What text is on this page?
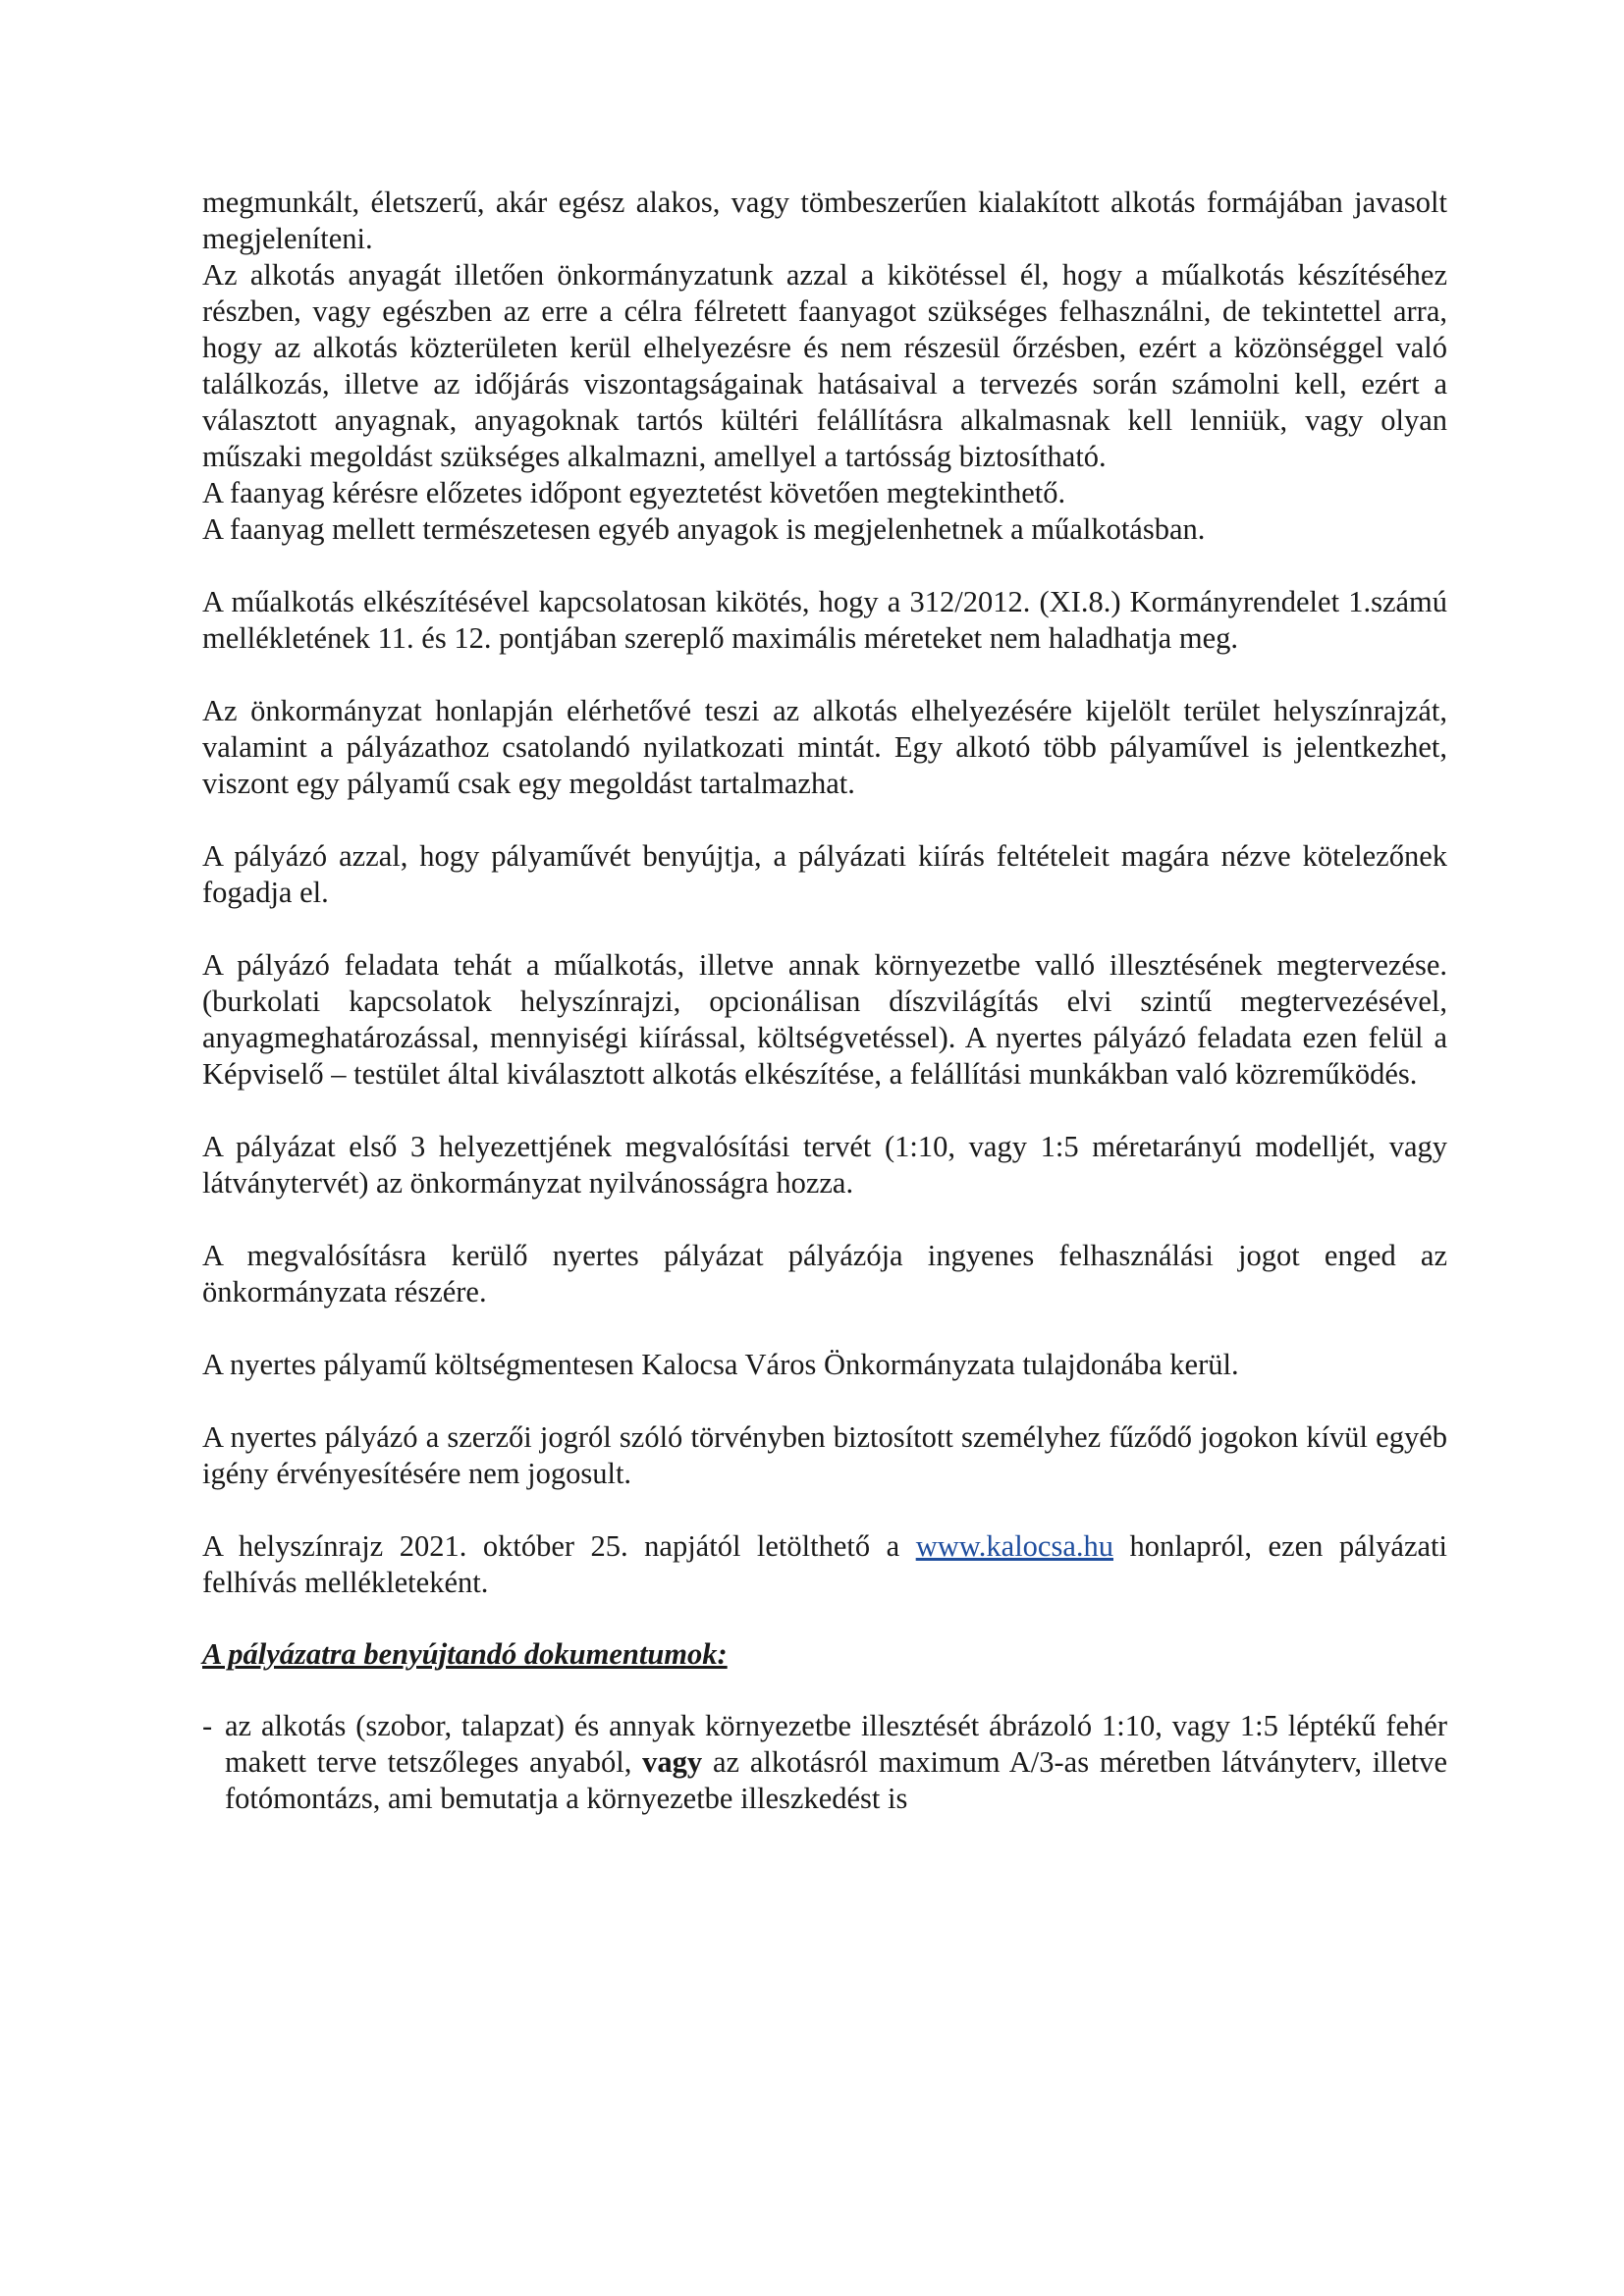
megmunkált, életszerű, akár egész alakos, vagy tömbeszerűen kialakított alkotás formájában javasolt megjeleníteni.

Az alkotás anyagát illetően önkormányzatunk azzal a kikötéssel él, hogy a műalkotás készítéséhez részben, vagy egészben az erre a célra félretett faanyagot szükséges felhasználni, de tekintettel arra, hogy az alkotás közterületen kerül elhelyezésre és nem részesül őrzésben, ezért a közönséggel való találkozás, illetve az időjárás viszontagságainak hatásaival a tervezés során számolni kell, ezért a választott anyagnak, anyagoknak tartós kültéri felállításra alkalmasnak kell lenniük, vagy olyan műszaki megoldást szükséges alkalmazni, amellyel a tartósság biztosítható.

A faanyag kérésre előzetes időpont egyeztetést követően megtekinthető.

A faanyag mellett természetesen egyéb anyagok is megjelenhetnek a műalkotásban.

A műalkotás elkészítésével kapcsolatosan kikötés, hogy a 312/2012. (XI.8.) Kormányrendelet 1.számú mellékletének 11. és 12. pontjában szereplő maximális méreteket nem haladhatja meg.

Az önkormányzat honlapján elérhetővé teszi az alkotás elhelyezésére kijelölt terület helyszínrajzát, valamint a pályázathoz csatolandó nyilatkozati mintát. Egy alkotó több pályaművel is jelentkezhet, viszont egy pályamű csak egy megoldást tartalmazhat.

A pályázó azzal, hogy pályaművét benyújtja, a pályázati kiírás feltételeit magára nézve kötelezőnek fogadja el.

A pályázó feladata tehát a műalkotás, illetve annak környezetbe valló illesztésének megtervezése. (burkolati kapcsolatok helyszínrajzi, opcionálisan díszvilágítás elvi szintű megtervezésével, anyagmeghatározással, mennyiségi kiírással, költségvetéssel). A nyertes pályázó feladata ezen felül a Képviselő – testület által kiválasztott alkotás elkészítése, a felállítási munkákban való közreműködés.

A pályázat első 3 helyezettjének megvalósítási tervét (1:10, vagy 1:5 méretarányú modelljét, vagy látványtervét) az önkormányzat nyilvánosságra hozza.

A megvalósításra kerülő nyertes pályázat pályázója ingyenes felhasználási jogot enged az önkormányzata részére.

A nyertes pályamű költségmentesen Kalocsa Város Önkormányzata tulajdonába kerül.

A nyertes pályázó a szerzői jogról szóló törvényben biztosított személyhez fűződő jogokon kívül egyéb igény érvényesítésére nem jogosult.

A helyszínrajz 2021. október 25. napjától letölthető a www.kalocsa.hu honlapról, ezen pályázati felhívás mellékleteként.

A pályázatra benyújtandó dokumentumok:

- az alkotás (szobor, talapzat) és annyak környezetbe illesztését ábrázoló 1:10, vagy 1:5 léptékű fehér makett terve tetszőleges anyaból, vagy az alkotásról maximum A/3-as méretben látványterv, illetve fotómontázs, ami bemutatja a környezetbe illeszkedést is
